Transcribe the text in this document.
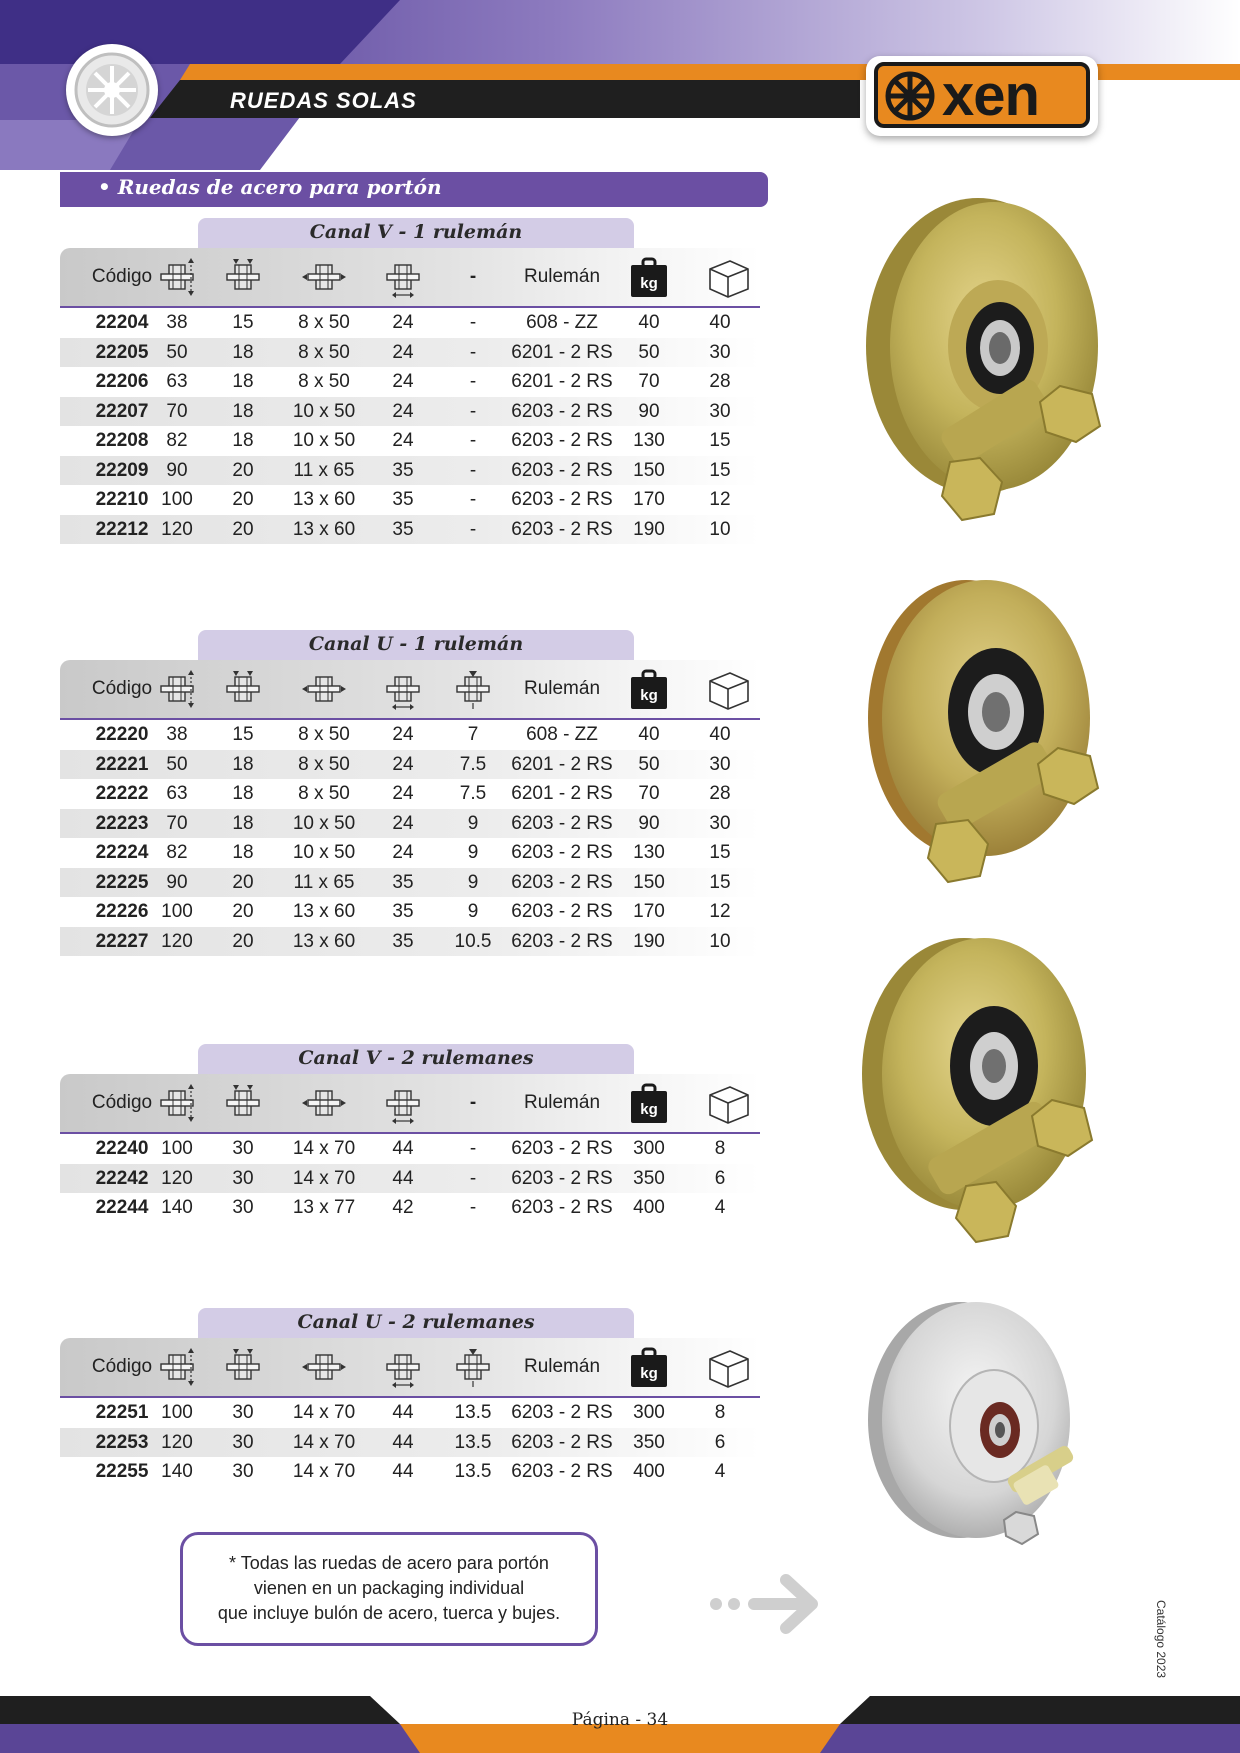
RUEDAS SOLAS	xen
• Ruedas de acero para portón
Canal V - 1 rulemán
Código	-	Rulemán	kg
22204 38	15	8 x 50	24	-	608 - ZZ	40	40
22205 50	18	8 x 50	24	-	6201 - 2 RS	50	30
22206 63	18	8 x 50	24	-	6201 - 2 RS	70	28
22207 70	18	10 x 50	24	-	6203 - 2 RS	90	30
22208 82	18	10 x 50	24	-	6203 - 2 RS	130	15
22209 90	20	11 x 65	35	-	6203 - 2 RS	150	15
22210 100	20	13 x 60	35	-	6203 - 2 RS	170	12
22212 120	20	13 x 60	35	-	6203 - 2 RS	190	10
Canal U - 1 rulemán
Código	Rulemán	kg
22220 38	15	8 x 50	24	7	608 - ZZ	40	40
22221 50	18	8 x 50	24	7.5	6201 - 2 RS	50	30
22222 63	18	8 x 50	24	7.5	6201 - 2 RS	70	28
22223 70	18	10 x 50	24	9	6203 - 2 RS	90	30
22224 82	18	10 x 50	24	9	6203 - 2 RS	130	15
22225 90	20	11 x 65	35	9	6203 - 2 RS	150	15
22226 100	20	13 x 60	35	9	6203 - 2 RS	170	12
22227 120	20	13 x 60	35	10.5	6203 - 2 RS	190	10
Canal V - 2 rulemanes
Código	-	Rulemán	kg
22240 100	30	14 x 70	44	-	6203 - 2 RS	300	8
22242 120	30	14 x 70	44	-	6203 - 2 RS	350	6
22244 140	30	13 x 77	42	-	6203 - 2 RS	400	4
Canal U - 2 rulemanes
Código	Rulemán	kg
22251 100	30	14 x 70	44	13.5	6203 - 2 RS	300	8
22253 120	30	14 x 70	44	13.5	6203 - 2 RS	350	6
22255 140	30	14 x 70	44	13.5	6203 - 2 RS	400	4
* Todas las ruedas de acero para portón
vienen en un packaging individual
que incluye bulón de acero, tuerca y bujes.	Catálogo 2023
Página - 34
